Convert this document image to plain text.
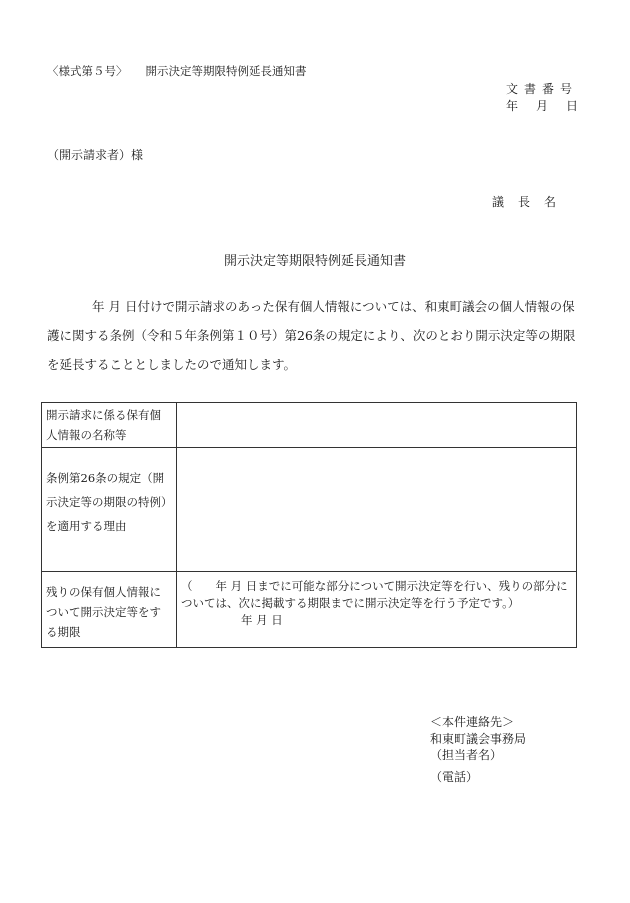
〈様式第５号〉 開示決定等期限特例延長通知書
文書番号
年 月 日
（開示請求者）様
議長名
開示決定等期限特例延長通知書
年 月 日付けで開示請求のあった保有個人情報については、和東町議会の個人情報の保護に関する条例（令和５年条例第１０号）第26条の規定により、次のとおり開示決定等の期限を延長することとしましたので通知します。
開示請求に係る保有個人情報の名称等	
条例第26条の規定（開示決定等の期限の特例）を適用する理由	
残りの保有個人情報について開示決定等をする期限	（　　年 月 日までに可能な部分について開示決定等を行い、残りの部分については、次に掲載する期限までに開示決定等を行う予定です。）
年 月 日
＜本件連絡先＞
和東町議会事務局
（担当者名）
（電話）
